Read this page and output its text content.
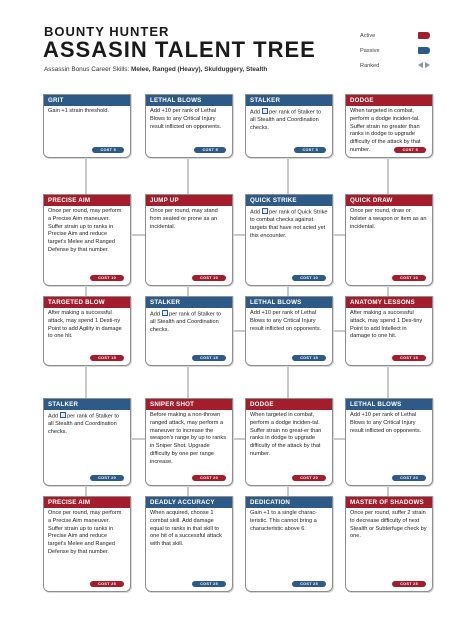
BOUNTY HUNTER
ASSASIN TALENT TREE
Assassin Bonus Career Skills: Melee, Ranged (Heavy), Skulduggery, Stealth
Active
Passive
Ranked
GRIT
Gain +1 strain threshold.
COST 5
LETHAL BLOWS
Add +10 per rank of Lethal Blows to any Critical Injury result inflicted on opponents.
COST 5
STALKER
Add  per rank of Stalker to all Stealth and Coordination checks.
COST 5
DODGE
When targeted in combat, perform a dodge inciden-tal. Suffer strain no greater than ranks in dodge to upgrade difficulty of the attack by that number.	COST 5
PRECISE AIM
Once per round, may perform a Precise Aim maneuver. Suffer strain up to ranks in Precise Aim and reduce target's Melee and Ranged Defense by that number.
COST 10
JUMP UP
Once per round, may stand from seated or prone as an incidental.
COST 10
QUICK STRIKE
Add  per rank of Quick Strike to combat checks against targets that have not acted yet this encounter.
COST 10
QUICK DRAW
Once per round, draw or holster a weapon or item as an incidental.
COST 10
TARGETED BLOW
After making a successful attack, may spend 1 Desti-ny Point to add Agility in damage to one hit.
COST 15
STALKER
Add  per rank of Stalker to all Stealth and Coordination checks.
COST 15
LETHAL BLOWS
Add +10 per rank of Lethal Blows to any Critical Injury result inflicted on opponents.
COST 15
ANATOMY LESSONS
After making a successful attack, may spend 1 Des-tiny Point to add Intellect in damage to one hit.
COST 15
STALKER
Add  per rank of Stalker to all Stealth and Coordination checks.
COST 20
SNIPER SHOT
Before making a non-thrown ranged attack, may perform a maneuver to increase the weapon's range by up to ranks in Sniper Shot. Upgrade difficulty by one per range increase.
COST 20
DODGE
When targeted in combat, perform a dodge inciden-tal. Suffer strain no great-er than ranks in dodge to upgrade difficulty of the attack by that number.
COST 20
LETHAL BLOWS
Add +10 per rank of Lethal Blows to any Critical Injury result inflicted on opponents.
COST 20
PRECISE AIM
Once per round, may perform a Precise Aim maneuver. Suffer strain up to ranks in Precise Aim and reduce target's Melee and Ranged Defense by that number.
COST 25
DEADLY ACCURACY
When acquired, choose 1 combat skill. Add damage equal to ranks in that skill to one hit of a successful attack with that skill.
COST 25
DEDICATION
Gain +1 to a single charac-teristic. This cannot bring a characteristic above 6.
COST 25
MASTER OF SHADOWS
Once per round, suffer 2 strain to decrease difficulty of next Stealth or Subterfuge check by one.
COST 25
